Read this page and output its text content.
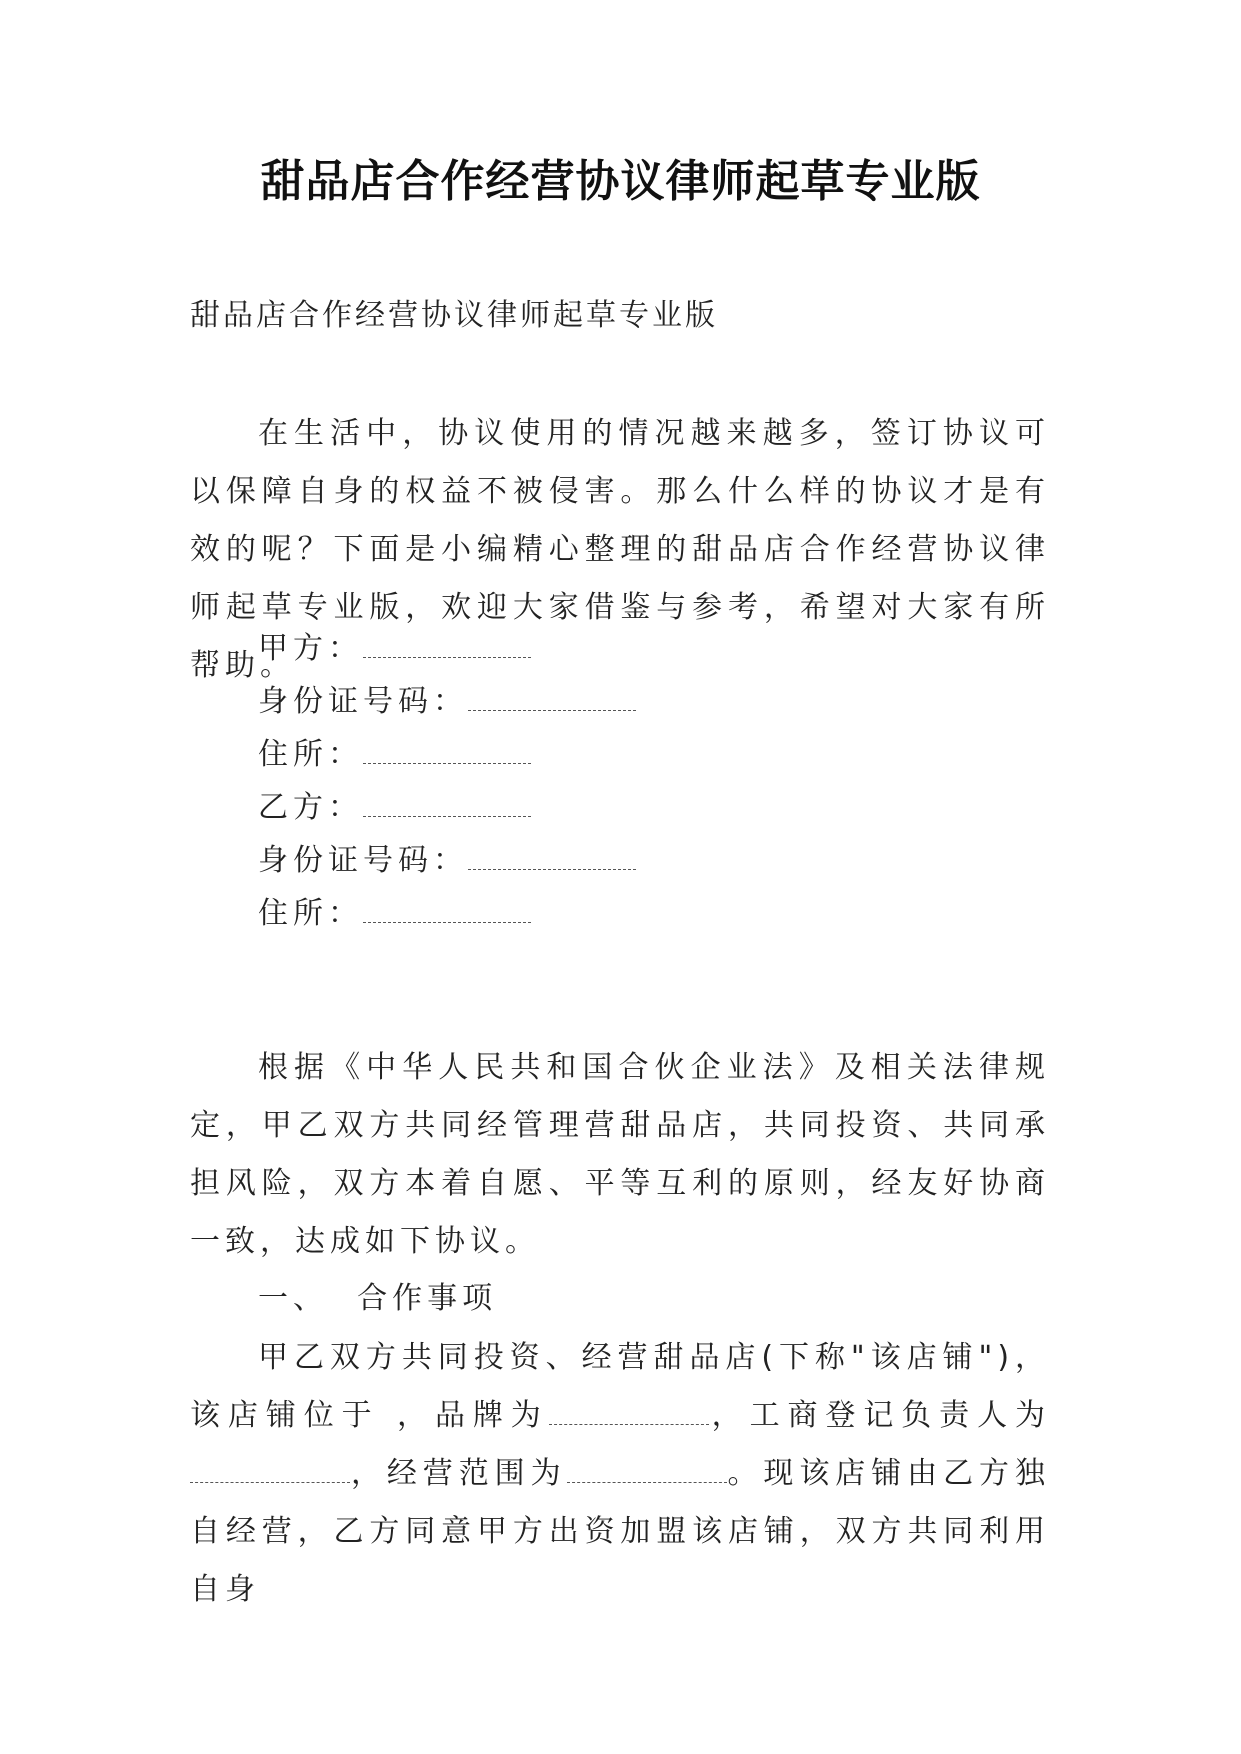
甜品店合作经营协议律师起草专业版

甜品店合作经营协议律师起草专业版

在生活中，协议使用的情况越来越多，签订协议可以保障自身的权益不被侵害。那么什么样的协议才是有效的呢？下面是小编精心整理的甜品店合作经营协议律师起草专业版，欢迎大家借鉴与参考，希望对大家有所帮助。

甲方：
身份证号码：
住所：
乙方：
身份证号码：
住所：

根据《中华人民共和国合伙企业法》及相关法律规定，甲乙双方共同经管理营甜品店，共同投资、共同承担风险，双方本着自愿、平等互利的原则，经友好协商一致，达成如下协议。

一、  合作事项

甲乙双方共同投资、经营甜品店(下称"该店铺")，该店铺位于 ，品牌为	，工商登记负责人为，经营范围为	。现该店铺由乙方独自经营，乙方同意甲方出资加盟该店铺，双方共同利用自身
